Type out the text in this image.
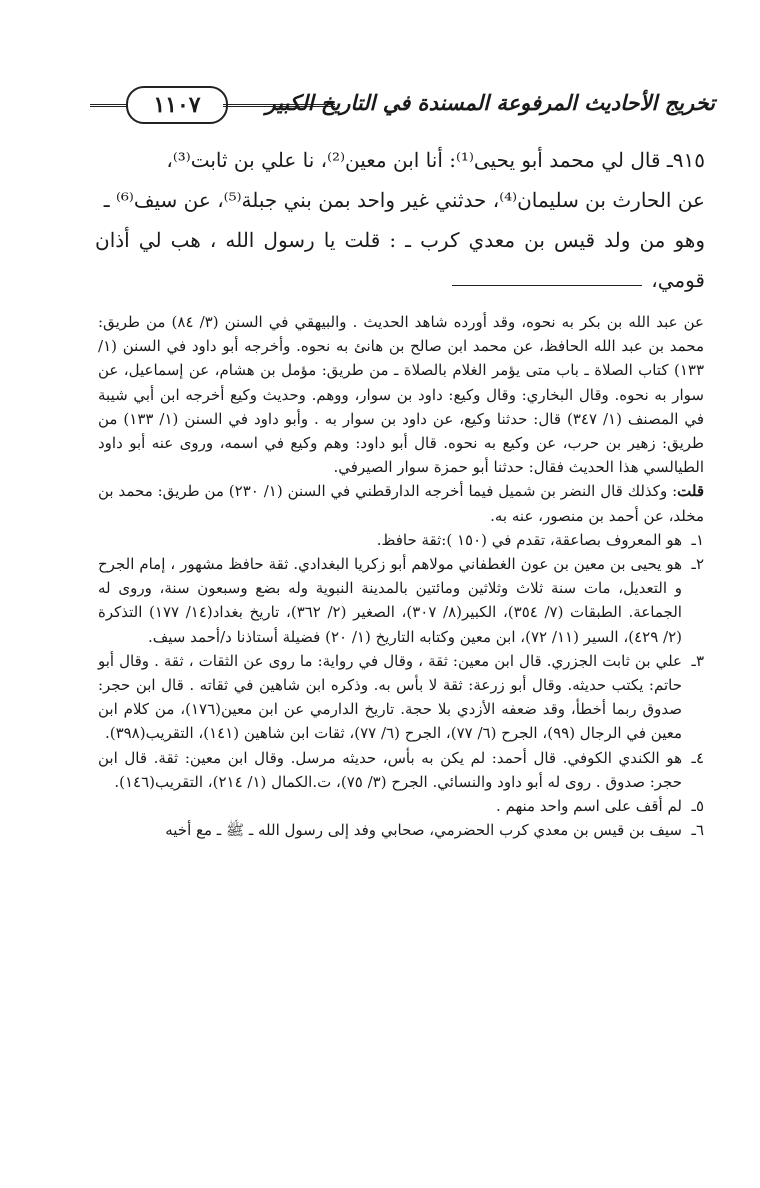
١١٠٧	تخريج الأحاديث المرفوعة المسندة في التاريخ الكبير

٩١٥ـ قال لي محمد أبو يحيى⁽¹⁾: أنا ابن معين⁽²⁾، نا علي بن ثابت⁽³⁾،

عن الحارث بن سليمان⁽⁴⁾، حدثني غير واحد بمن بني جبلة⁽⁵⁾، عن سيف⁽⁶⁾ ـ

وهو من ولد قيس بن معدي كرب ـ : قلت يا رسول الله ، هب لي أذان قومي،

عن عبد الله بن بكر به نحوه، وقد أورده شاهد الحديث . والبيهقي في السنن (٣/ ٨٤) من طريق: محمد بن عبد الله الحافظ، عن محمد ابن صالح بن هانئ به نحوه. وأخرجه أبو داود في السنن (١/ ١٣٣) كتاب الصلاة ـ باب متى يؤمر الغلام بالصلاة ـ من طريق: مؤمل بن هشام، عن إسماعيل، عن سوار به نحوه. وقال البخاري: وقال وكيع: داود بن سوار، ووهم. وحديث وكيع أخرجه ابن أبي شيبة في المصنف (١/ ٣٤٧) قال: حدثنا وكيع، عن داود بن سوار به . وأبو داود في السنن (١/ ١٣٣) من طريق: زهير بن حرب، عن وكيع به نحوه. قال أبو داود: وهم وكيع في اسمه، وروى عنه أبو داود الطيالسي هذا الحديث فقال: حدثنا أبو حمزة سوار الصيرفي.

قلت: وكذلك قال النضر بن شميل فيما أخرجه الدارقطني في السنن (١/ ٢٣٠) من طريق: محمد بن مخلد، عن أحمد بن منصور، عنه به.

١ـ
هو المعروف بصاعقة، تقدم في (١٥٠ ):ثقة حافظ.
٢ـ
هو يحيى بن معين بن عون الغطفاني مولاهم أبو زكريا البغدادي. ثقة حافظ مشهور ، إمام الجرح و التعديل، مات سنة ثلاث وثلاثين ومائتين بالمدينة النبوية وله بضع وسبعون سنة، وروى له الجماعة. الطبقات (٧/ ٣٥٤)، الكبير(٨/ ٣٠٧)، الصغير (٢/ ٣٦٢)، تاريخ بغداد(١٤/ ١٧٧) التذكرة (٢/ ٤٢٩)، السير (١١/ ٧٢)، ابن معين وكتابه التاريخ (١/ ٢٠) فضيلة أستاذنا د/أحمد سيف.
٣ـ
علي بن ثابت الجزري. قال ابن معين: ثقة ، وقال في رواية: ما روى عن الثقات ، ثقة . وقال أبو حاتم: يكتب حديثه. وقال أبو زرعة: ثقة لا بأس به. وذكره ابن شاهين في ثقاته . قال ابن حجر: صدوق ربما أخطأ، وقد ضعفه الأزدي بلا حجة. تاريخ الدارمي عن ابن معين(١٧٦)، من كلام ابن معين في الرجال (٩٩)، الجرح (٦/ ٧٧)، الجرح (٦/ ٧٧)، ثقات ابن شاهين (١٤١)، التقريب(٣٩٨).
٤ـ
هو الكندي الكوفي. قال أحمد: لم يكن به بأس، حديثه مرسل. وقال ابن معين: ثقة. قال ابن حجر: صدوق . روى له أبو داود والنسائي. الجرح (٣/ ٧٥)، ت.الكمال (١/ ٢١٤)، التقريب(١٤٦).
٥ـ
لم أقف على اسم واحد منهم .
٦ـ
سيف بن قيس بن معدي كرب الحضرمي، صحابي وفد إلى رسول الله ـ ﷺ ـ مع أخيه
